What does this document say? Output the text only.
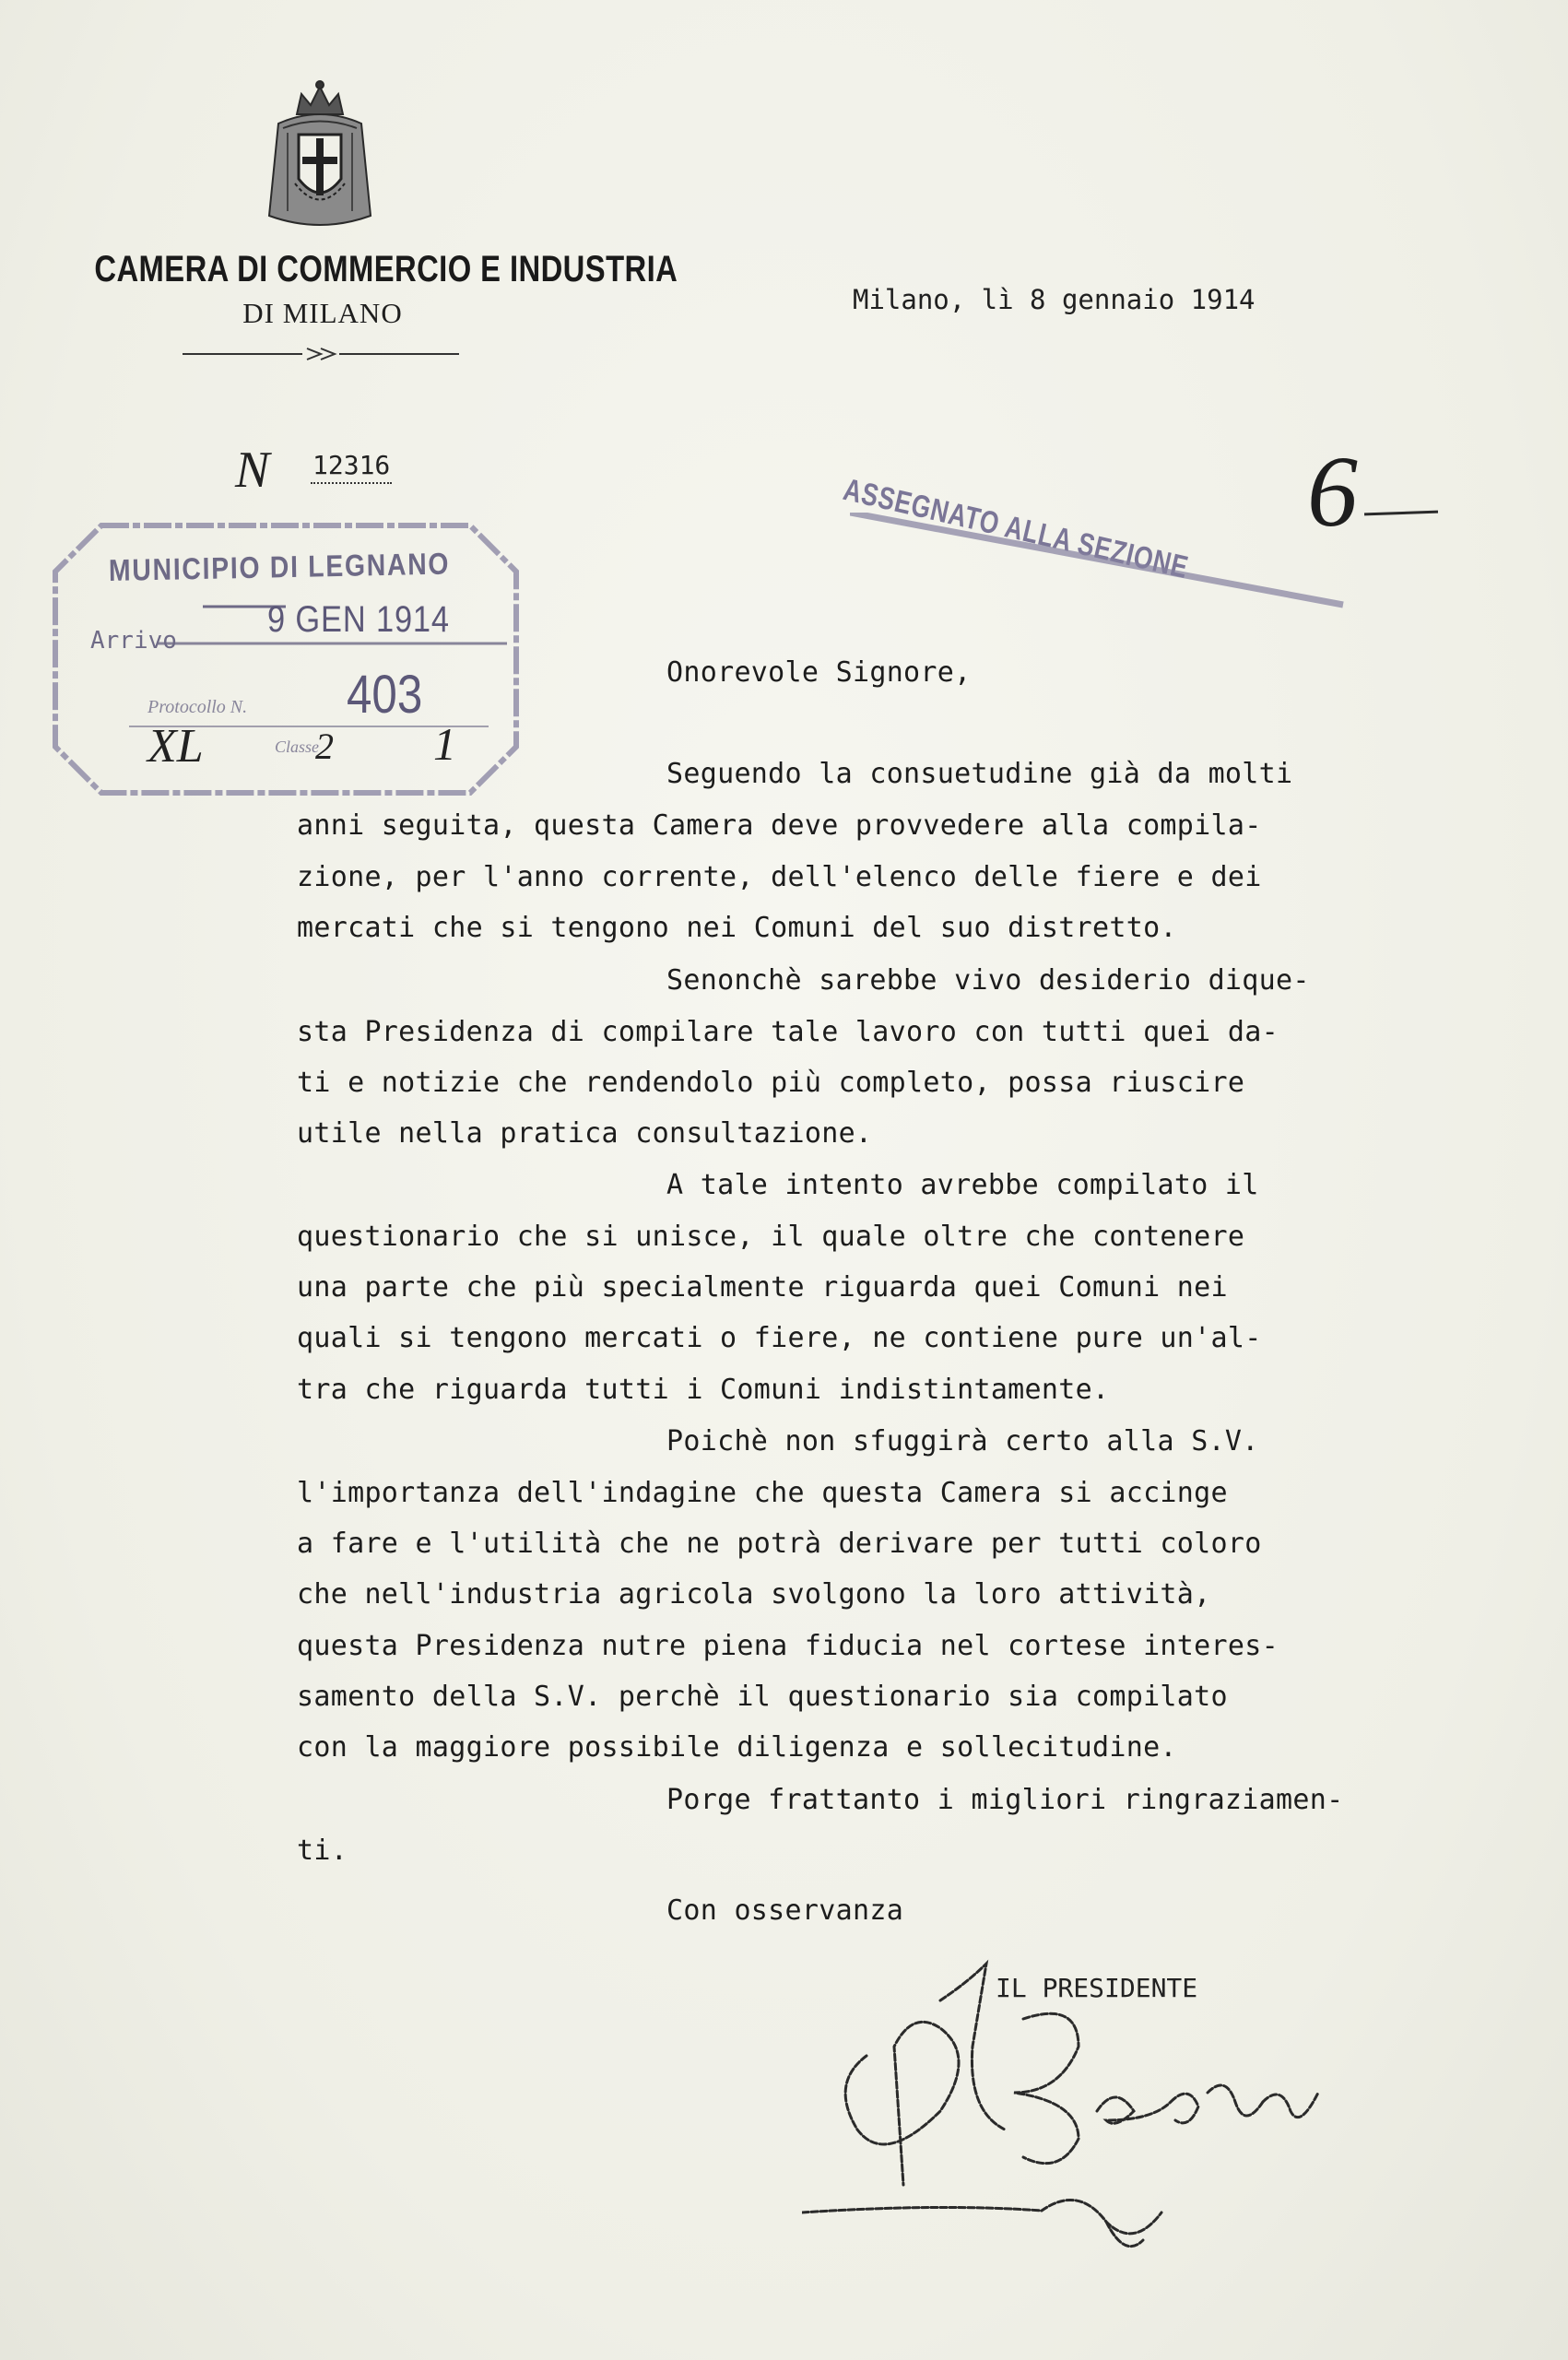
CAMERA DI COMMERCIO E INDUSTRIA
DI MILANO
N 12316
Milano, lì 8 gennaio 1914
MUNICIPIO DI LEGNANO
Arrivo
9 GEN 1914
Protocollo N. 403
Classe
XL	2 1
ASSEGNATO ALLA SEZIONE 6
Onorevole Signore,
Seguendo la consuetudine già da molti
anni seguita, questa Camera deve provvedere alla compila-
zione, per l'anno corrente, dell'elenco delle fiere e dei
mercati che si tengono nei Comuni del suo distretto.
Senonchè sarebbe vivo desiderio dique-
sta Presidenza di compilare tale lavoro con tutti quei da-
ti e notizie che rendendolo più completo, possa riuscire
utile nella pratica consultazione.
A tale intento avrebbe compilato il
questionario che si unisce, il quale oltre che contenere
una parte che più specialmente riguarda quei Comuni nei
quali si tengono mercati o fiere, ne contiene pure un'al-
tra che riguarda tutti i Comuni indistintamente.
Poichè non sfuggirà certo alla S.V.
l'importanza dell'indagine che questa Camera si accinge
a fare e l'utilità che ne potrà derivare per tutti coloro
che nell'industria agricola svolgono la loro attività,
questa Presidenza nutre piena fiducia nel cortese interes-
samento della S.V. perchè il questionario sia compilato
con la maggiore possibile diligenza e sollecitudine.
Porge frattanto i migliori ringraziamen-
ti.
Con osservanza
IL PRESIDENTE
